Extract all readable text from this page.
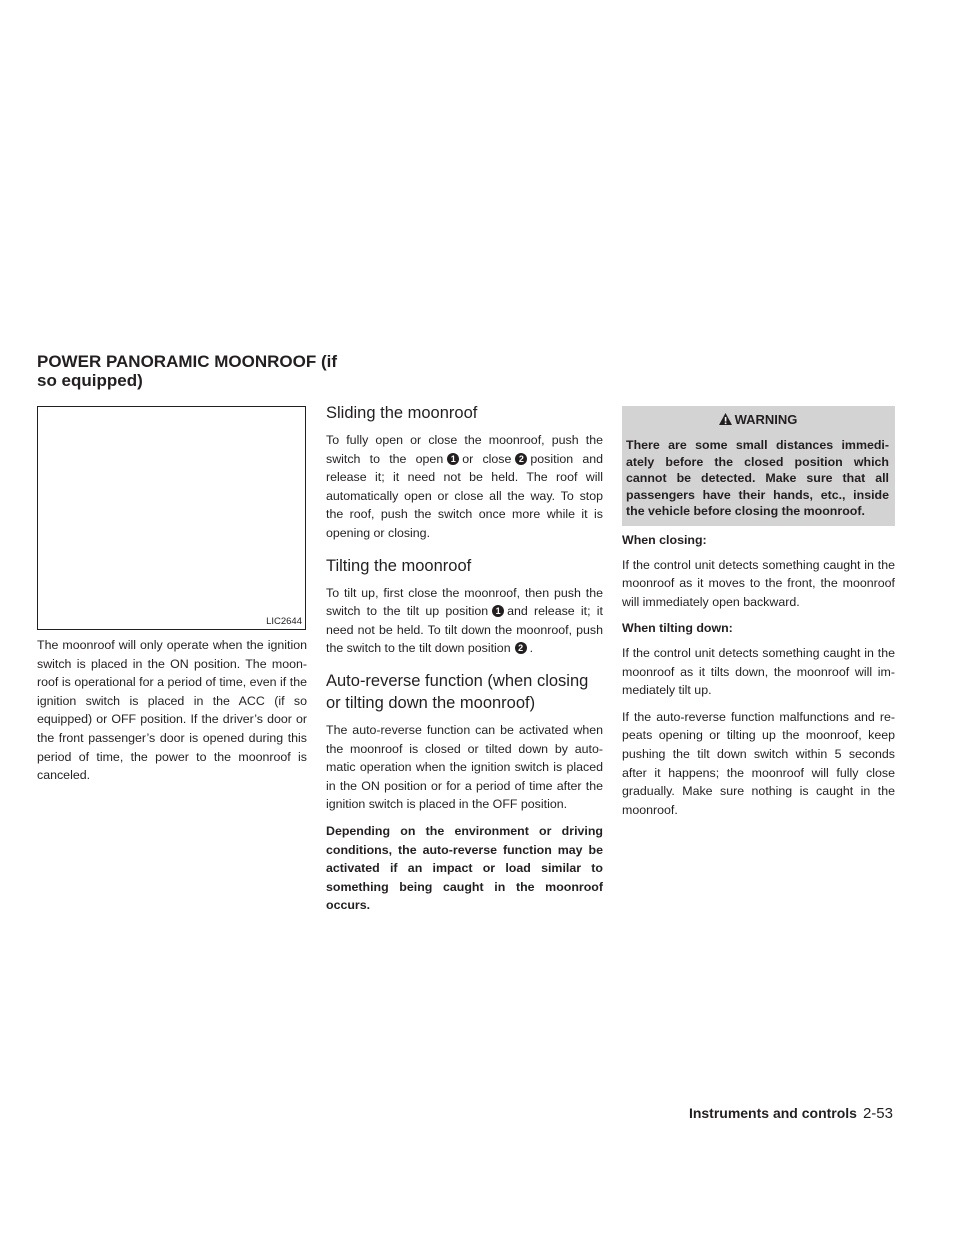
POWER PANORAMIC MOONROOF (if
so equipped)
LIC2644

The moonroof will only operate when the ignition switch is placed in the ON position. The moon-roof is operational for a period of time, even if the ignition switch is placed in the ACC (if so equipped) or OFF position. If the driver’s door or the front passenger’s door is opened during this period of time, the power to the moonroof is canceled.

Sliding the moonroof

To fully open or close the moonroof, push the switch to the open 1 or close 2 position and release it; it need not be held. The roof will automatically open or close all the way. To stop the roof, push the switch once more while it is opening or closing.

Tilting the moonroof

To tilt up, first close the moonroof, then push the switch to the tilt up position 1 and release it; it need not be held. To tilt down the moonroof, push the switch to the tilt down position 2 .

Auto-reverse function (when closing or tilting down the moonroof)

The auto-reverse function can be activated when the moonroof is closed or tilted down by auto-matic operation when the ignition switch is placed in the ON position or for a period of time after the ignition switch is placed in the OFF position.

Depending on the environment or driving conditions, the auto-reverse function may be activated if an impact or load similar to something being caught in the moonroof occurs.

WARNING
There are some small distances immedi-ately before the closed position which cannot be detected. Make sure that all passengers have their hands, etc., inside the vehicle before closing the moonroof.
When closing:

If the control unit detects something caught in the moonroof as it moves to the front, the moonroof will immediately open backward.

When tilting down:

If the control unit detects something caught in the moonroof as it tilts down, the moonroof will im-mediately tilt up.

If the auto-reverse function malfunctions and re-peats opening or tilting up the moonroof, keep pushing the tilt down switch within 5 seconds after it happens; the moonroof will fully close gradually. Make sure nothing is caught in the moonroof.

Instruments and controls 2-53
